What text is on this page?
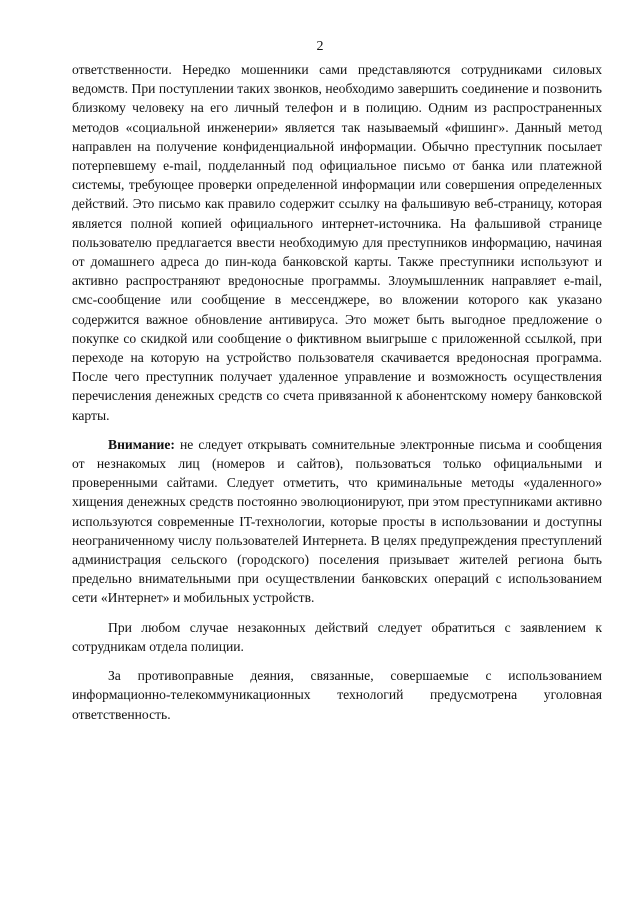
2

ответственности. Нередко мошенники сами представляются сотрудниками силовых ведомств. При поступлении таких звонков, необходимо завершить соединение и позвонить близкому человеку на его личный телефон и в полицию. Одним из распространенных методов «социальной инженерии» является так называемый «фишинг». Данный метод направлен на получение конфиденциальной информации. Обычно преступник посылает потерпевшему e-mail, подделанный под официальное письмо от банка или платежной системы, требующее проверки определенной информации или совершения определенных действий. Это письмо как правило содержит ссылку на фальшивую веб-страницу, которая является полной копией официального интернет-источника. На фальшивой странице пользователю предлагается ввести необходимую для преступников информацию, начиная от домашнего адреса до пин-кода банковской карты. Также преступники используют и активно распространяют вредоносные программы. Злоумышленник направляет e-mail, смс-сообщение или сообщение в мессенджере, во вложении которого как указано содержится важное обновление антивируса. Это может быть выгодное предложение о покупке со скидкой или сообщение о фиктивном выигрыше с приложенной ссылкой, при переходе на которую на устройство пользователя скачивается вредоносная программа. После чего преступник получает удаленное управление и возможность осуществления перечисления денежных средств со счета привязанной к абонентскому номеру банковской карты.

Внимание: не следует открывать сомнительные электронные письма и сообщения от незнакомых лиц (номеров и сайтов), пользоваться только официальными и проверенными сайтами. Следует отметить, что криминальные методы «удаленного» хищения денежных средств постоянно эволюционируют, при этом преступниками активно используются современные IT-технологии, которые просты в использовании и доступны неограниченному числу пользователей Интернета. В целях предупреждения преступлений администрация сельского (городского) поселения призывает жителей региона быть предельно внимательными при осуществлении банковских операций с использованием сети «Интернет» и мобильных устройств.

При любом случае незаконных действий следует обратиться с заявлением к сотрудникам отдела полиции.

За противоправные деяния, связанные, совершаемые с использованием информационно-телекоммуникационных технологий предусмотрена уголовная ответственность.
